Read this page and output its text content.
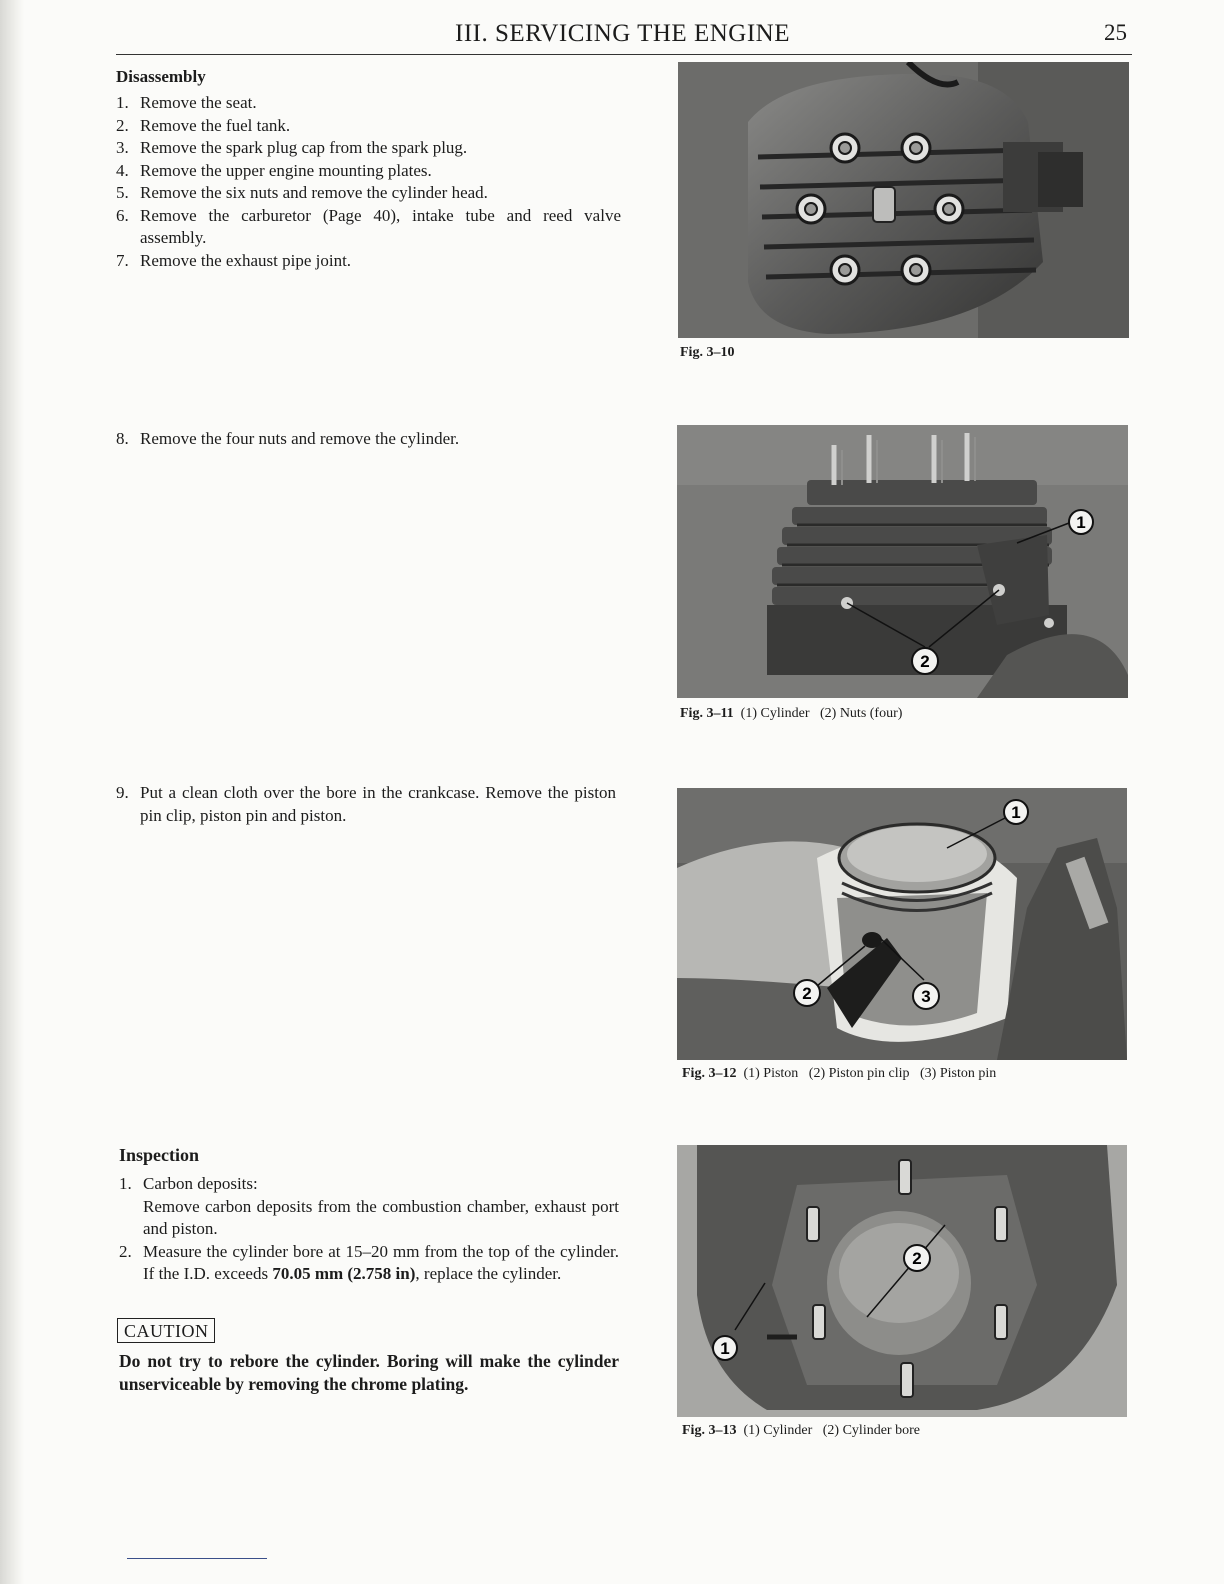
III. SERVICING THE ENGINE	25
Disassembly
1. Remove the seat.
2. Remove the fuel tank.
3. Remove the spark plug cap from the spark plug.
4. Remove the upper engine mounting plates.
5. Remove the six nuts and remove the cylinder head.
6. Remove the carburetor (Page 40), intake tube and reed valve assembly.
7. Remove the exhaust pipe joint.
8. Remove the four nuts and remove the cylinder.
9. Put a clean cloth over the bore in the crankcase. Remove the piston pin clip, piston pin and piston.
Inspection
1. Carbon deposits:
Remove carbon deposits from the combustion chamber, exhaust port and piston.
2. Measure the cylinder bore at 15–20 mm from the top of the cylinder. If the I.D. exceeds 70.05 mm (2.758 in), replace the cylinder.
CAUTION
Do not try to rebore the cylinder. Boring will make the cylinder unserviceable by removing the chrome plating.
Fig. 3–10
1
2
Fig. 3–11 (1) Cylinder   (2) Nuts (four)
1
2	3
Fig. 3–12 (1) Piston   (2) Piston pin clip   (3) Piston pin
2
1
Fig. 3–13 (1) Cylinder   (2) Cylinder bore
